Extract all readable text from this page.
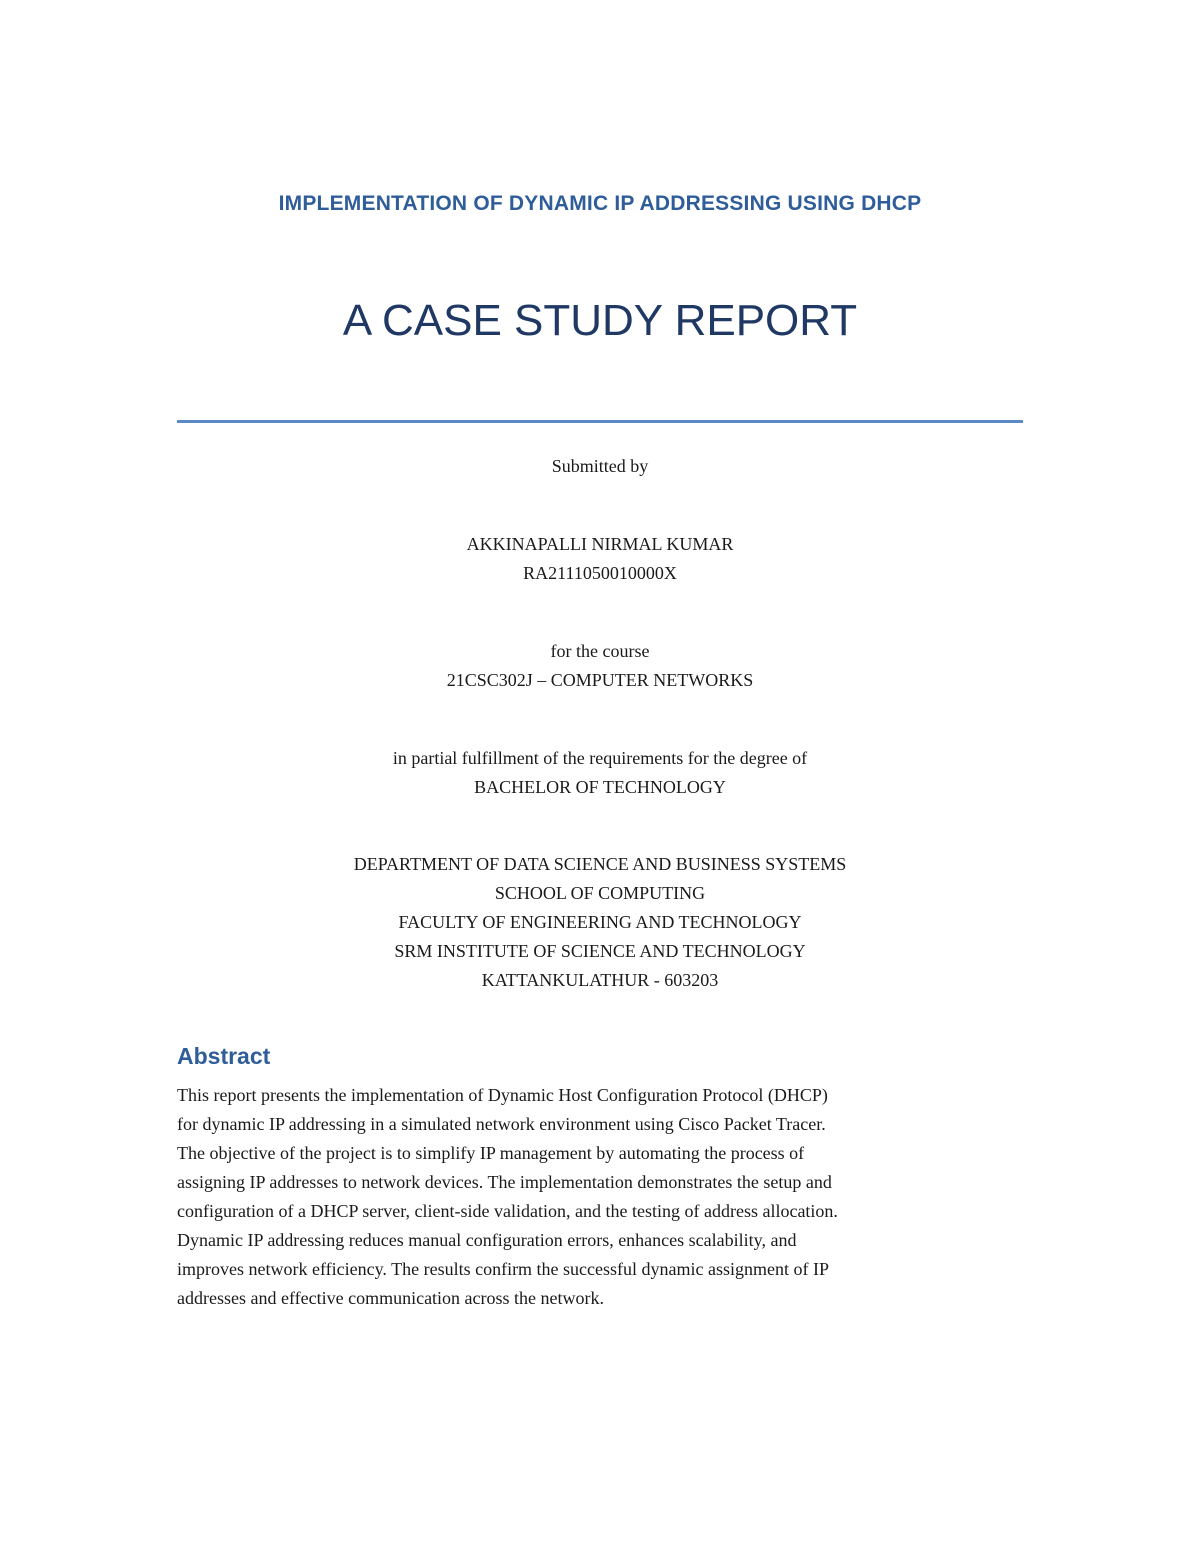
IMPLEMENTATION OF DYNAMIC IP ADDRESSING USING DHCP
A CASE STUDY REPORT
Submitted by
AKKINAPALLI NIRMAL KUMAR
RA2111050010000X
for the course
21CSC302J – COMPUTER NETWORKS
in partial fulfillment of the requirements for the degree of
BACHELOR OF TECHNOLOGY
DEPARTMENT OF DATA SCIENCE AND BUSINESS SYSTEMS
SCHOOL OF COMPUTING
FACULTY OF ENGINEERING AND TECHNOLOGY
SRM INSTITUTE OF SCIENCE AND TECHNOLOGY
KATTANKULATHUR - 603203
Abstract

This report presents the implementation of Dynamic Host Configuration Protocol (DHCP)
for dynamic IP addressing in a simulated network environment using Cisco Packet Tracer.
The objective of the project is to simplify IP management by automating the process of
assigning IP addresses to network devices. The implementation demonstrates the setup and
configuration of a DHCP server, client-side validation, and the testing of address allocation.
Dynamic IP addressing reduces manual configuration errors, enhances scalability, and
improves network efficiency. The results confirm the successful dynamic assignment of IP
addresses and effective communication across the network.
